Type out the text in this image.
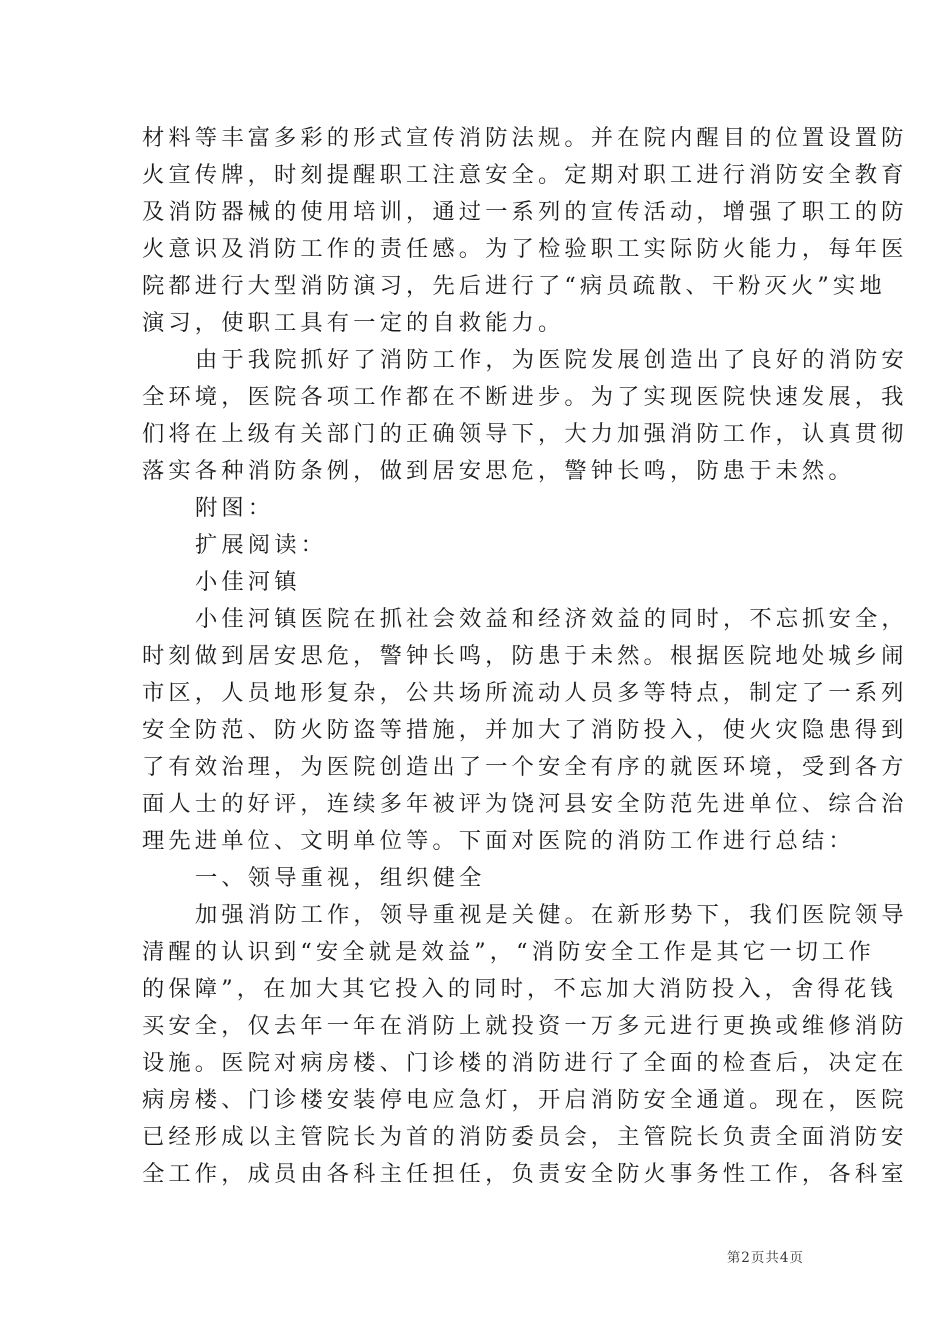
材料等丰富多彩的形式宣传消防法规。并在院内醒目的位置设置防
火宣传牌，时刻提醒职工注意安全。定期对职工进行消防安全教育
及消防器械的使用培训，通过一系列的宣传活动，增强了职工的防
火意识及消防工作的责任感。为了检验职工实际防火能力，每年医
院都进行大型消防演习，先后进行了“病员疏散、干粉灭火”实地
演习，使职工具有一定的自救能力。
由于我院抓好了消防工作，为医院发展创造出了良好的消防安
全环境，医院各项工作都在不断进步。为了实现医院快速发展，我
们将在上级有关部门的正确领导下，大力加强消防工作，认真贯彻
落实各种消防条例，做到居安思危，警钟长鸣，防患于未然。
附图：
扩展阅读：
小佳河镇
小佳河镇医院在抓社会效益和经济效益的同时，不忘抓安全，
时刻做到居安思危，警钟长鸣，防患于未然。根据医院地处城乡闹
市区，人员地形复杂，公共场所流动人员多等特点，制定了一系列
安全防范、防火防盗等措施，并加大了消防投入，使火灾隐患得到
了有效治理，为医院创造出了一个安全有序的就医环境，受到各方
面人士的好评，连续多年被评为饶河县安全防范先进单位、综合治
理先进单位、文明单位等。下面对医院的消防工作进行总结：
一、领导重视，组织健全
加强消防工作，领导重视是关健。在新形势下，我们医院领导
清醒的认识到“安全就是效益”，“消防安全工作是其它一切工作
的保障”，在加大其它投入的同时，不忘加大消防投入，舍得花钱
买安全，仅去年一年在消防上就投资一万多元进行更换或维修消防
设施。医院对病房楼、门诊楼的消防进行了全面的检查后，决定在
病房楼、门诊楼安装停电应急灯，开启消防安全通道。现在，医院
已经形成以主管院长为首的消防委员会，主管院长负责全面消防安
全工作，成员由各科主任担任，负责安全防火事务性工作，各科室
第2页共4页
